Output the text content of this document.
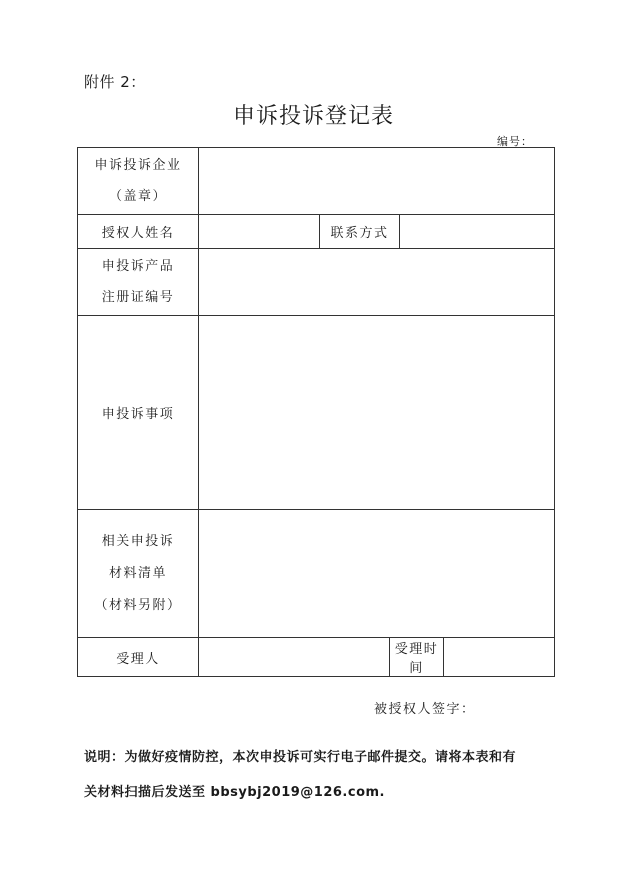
附件 2：
申诉投诉登记表
编号：
申诉投诉企业
（盖章）					

授权人姓名		联系方式			

申投诉产品
注册证编号					

申投诉事项					

相关申投诉
材料清单
（材料另附）					

受理人			受理时间		
被授权人签字：
说明：为做好疫情防控，本次申投诉可实行电子邮件提交。请将本表和有
关材料扫描后发送至 bbsybj2019@126.com.
